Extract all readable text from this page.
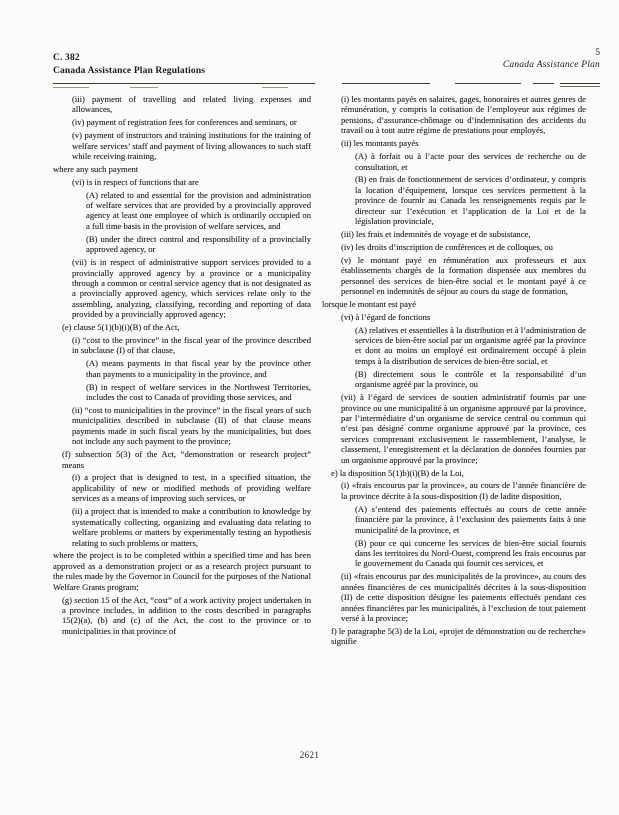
C. 382
Canada Assistance Plan Regulations
5
Canada Assistance Plan

(iii) payment of travelling and related living expenses and allowances,

(iv) payment of registration fees for conferences and seminars, or

(v) payment of instructors and training institutions for the training of welfare services’ staff and payment of living allowances to such staff while receiving training,

where any such payment

(vi) is in respect of functions that are

(A) related to and essential for the provision and administration of welfare services that are provided by a provincially approved agency at least one employee of which is ordinarily occupied on a full time basis in the provision of welfare services, and

(B) under the direct control and responsibility of a provincially approved agency, or

(vii) is in respect of administrative support services provided to a provincially approved agency by a province or a municipality through a common or central service agency that is not designated as a provincially approved agency, which services relate only to the assembling, analyzing, classifying, recording and reporting of data provided by a provincially approved agency;

(e) clause 5(1)(b)(i)(B) of the Act,

(i) “cost to the province” in the fiscal year of the province described in subclause (I) of that clause,

(A) means payments in that fiscal year by the province other than payments to a municipality in the province, and

(B) in respect of welfare services in the Northwest Territories, includes the cost to Canada of providing those services, and

(ii) “cost to municipalities in the province” in the fiscal years of such municipalities described in subclause (II) of that clause means payments made in such fiscal years by the municipalities, but does not include any such payment to the province;

(f) subsection 5(3) of the Act, “demonstration or research project” means

(i) a project that is designed to test, in a specified situation, the applicability of new or modified methods of providing welfare services as a means of improving such services, or

(ii) a project that is intended to make a contribution to knowledge by systematically collecting, organizing and evaluating data relating to welfare problems or matters by experimentally testing an hypothesis relating to such problems or matters,

where the project is to be completed within a specified time and has been approved as a demonstration project or as a research project pursuant to the rules made by the Governor in Council for the purposes of the National Welfare Grants program;

(g) section 15 of the Act, “cost” of a work activity project undertaken in a province includes, in addition to the costs described in paragraphs 15(2)(a), (b) and (c) of the Act, the cost to the province or to municipalities in that province of

(i) les montants payés en salaires, gages, honoraires et autres genres de rémunération, y compris la cotisation de l’employeur aux régimes de pensions, d’assurance-chômage ou d’indemnisation des accidents du travail ou à tout autre régime de prestations pour employés,

(ii) les montants payés

(A) à forfait ou à l’acte pour des services de recherche ou de consultation, et

(B) en frais de fonctionnement de services d’ordinateur, y compris la location d’équipement, lorsque ces services permettent à la province de fournir au Canada les renseignements requis par le directeur sur l’exécution et l’application de la Loi et de la législation provinciale,

(iii) les frais et indemnités de voyage et de subsistance,

(iv) les droits d’inscription de conférences et de colloques, ou

(v) le montant payé en rémunération aux professeurs et aux établissements chargés de la formation dispensée aux membres du personnel des services de bien-être social et le montant payé à ce personnel en indemnités de séjour au cours du stage de formation,

lorsque le montant est payé

(vi) à l’égard de fonctions

(A) relatives et essentielles à la distribution et à l’administration de services de bien-être social par un organisme agréé par la province et dont au moins un employé est ordinairement occupé à plein temps à la distribution de services de bien-être social, et

(B) directement sous le contrôle et la responsabilité d’un organisme agréé par la province, ou

(vii) à l’égard de services de soutien administratif fournis par une province ou une municipalité à un organisme approuvé par la province, par l’intermédiaire d’un organisme de service central ou commun qui n’est pas désigné comme organisme approuvé par la province, ces services comprenant exclusivement le rassemblement, l’analyse, le classement, l’enregistrement et la déclaration de données fournies par un organisme approuvé par la province;

e) la disposition 5(1)b)(i)(B) de la Loi,

(i) «frais encourus par la province», au cours de l’année financière de la province décrite à la sous-disposition (I) de ladite disposition,

(A) s’entend des paiements effectués au cours de cette année financière par la province, à l’exclusion des paiements faits à une municipalité de la province, et

(B) pour ce qui concerne les services de bien-être social fournis dans les territoires du Nord-Ouest, comprend les frais encourus par le gouvernement du Canada qui fournit ces services, et

(ii) «frais encourus par des municipalités de la province», au cours des années financières de ces municipalités décrites à la sous-disposition (II) de cette disposition désigne les paiements effectués pendant ces années financières par les municipalités, à l’exclusion de tout paiement versé à la province;

f) le paragraphe 5(3) de la Loi, «projet de démonstration ou de recherche» signifie

2621
